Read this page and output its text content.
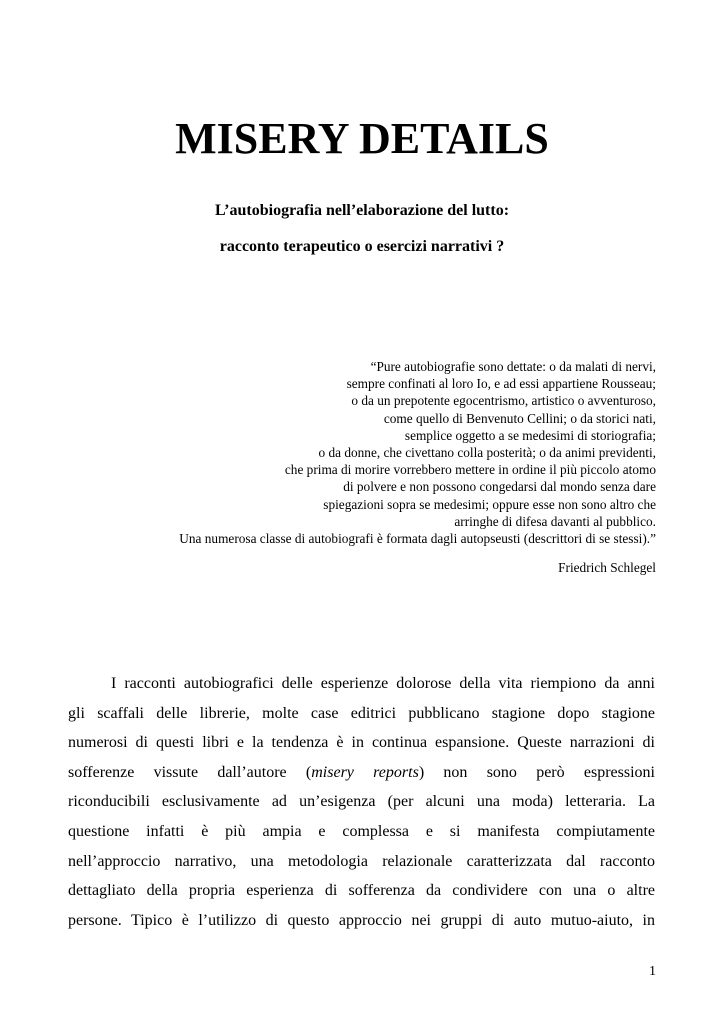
MISERY DETAILS

L’autobiografia nell’elaborazione del lutto:

racconto terapeutico o esercizi narrativi ?

“Pure autobiografie sono dettate: o da malati di nervi,
sempre confinati al loro Io, e ad essi appartiene Rousseau;
o da un prepotente egocentrismo, artistico o avventuroso,
come quello di Benvenuto Cellini; o da storici nati,
semplice oggetto a se medesimi di storiografia;
o da donne, che civettano colla posterità; o da animi previdenti,
che prima di morire vorrebbero mettere in ordine il più piccolo atomo
di polvere e non possono congedarsi dal mondo senza dare
spiegazioni sopra se medesimi; oppure esse non sono altro che
arringhe di difesa davanti al pubblico.
Una numerosa classe di autobiografi è formata dagli autopseusti (descrittori di se stessi).”
Friedrich Schlegel
I racconti autobiografici delle esperienze dolorose della vita riempiono da anni
gli scaffali delle librerie, molte case editrici pubblicano stagione dopo stagione
numerosi di questi libri e la tendenza è in continua espansione. Queste narrazioni di
sofferenze vissute dall’autore (misery reports) non sono però espressioni
riconducibili esclusivamente ad un’esigenza (per alcuni una moda) letteraria. La
questione infatti è più ampia e complessa e si manifesta compiutamente
nell’approccio narrativo, una metodologia relazionale caratterizzata dal racconto
dettagliato della propria esperienza di sofferenza da condividere con una o altre
persone. Tipico è l’utilizzo di questo approccio nei gruppi di auto mutuo-aiuto, in
1
